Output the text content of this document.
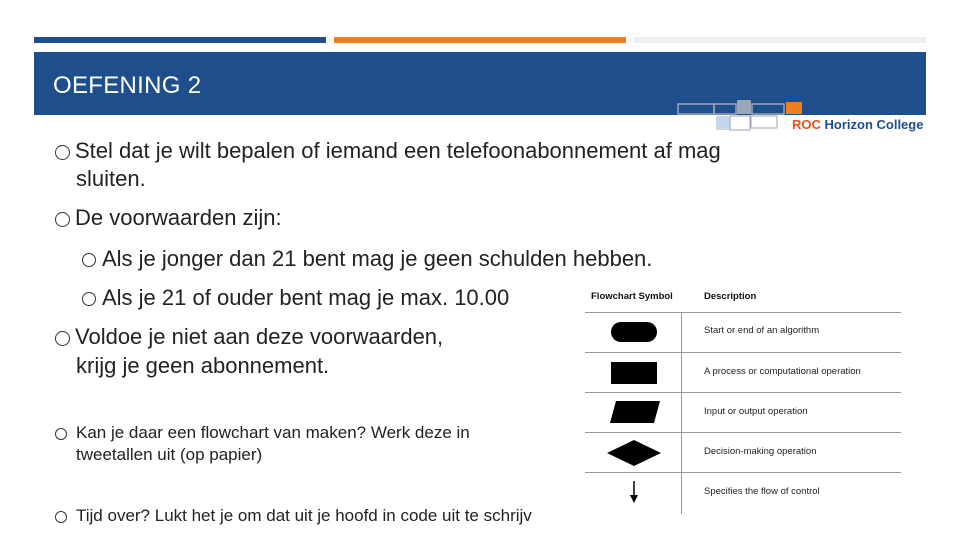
OEFENING 2
ROC Horizon College
Stel dat je wilt bepalen of iemand een telefoonabonnement af mag
sluiten.
De voorwaarden zijn:
Als je jonger dan 21 bent mag je geen schulden hebben.
Als je 21 of ouder bent mag je max. 10.00
Voldoe je niet aan deze voorwaarden,
krijg je geen abonnement.
Kan je daar een flowchart van maken? Werk deze in
tweetallen uit (op papier)
Tijd over? Lukt het je om dat uit je hoofd in code uit te schrijv
Flowchart Symbol	Description
Start or end of an algorithm
A process or computational operation
Input or output operation
Decision-making operation
Specifies the flow of control
